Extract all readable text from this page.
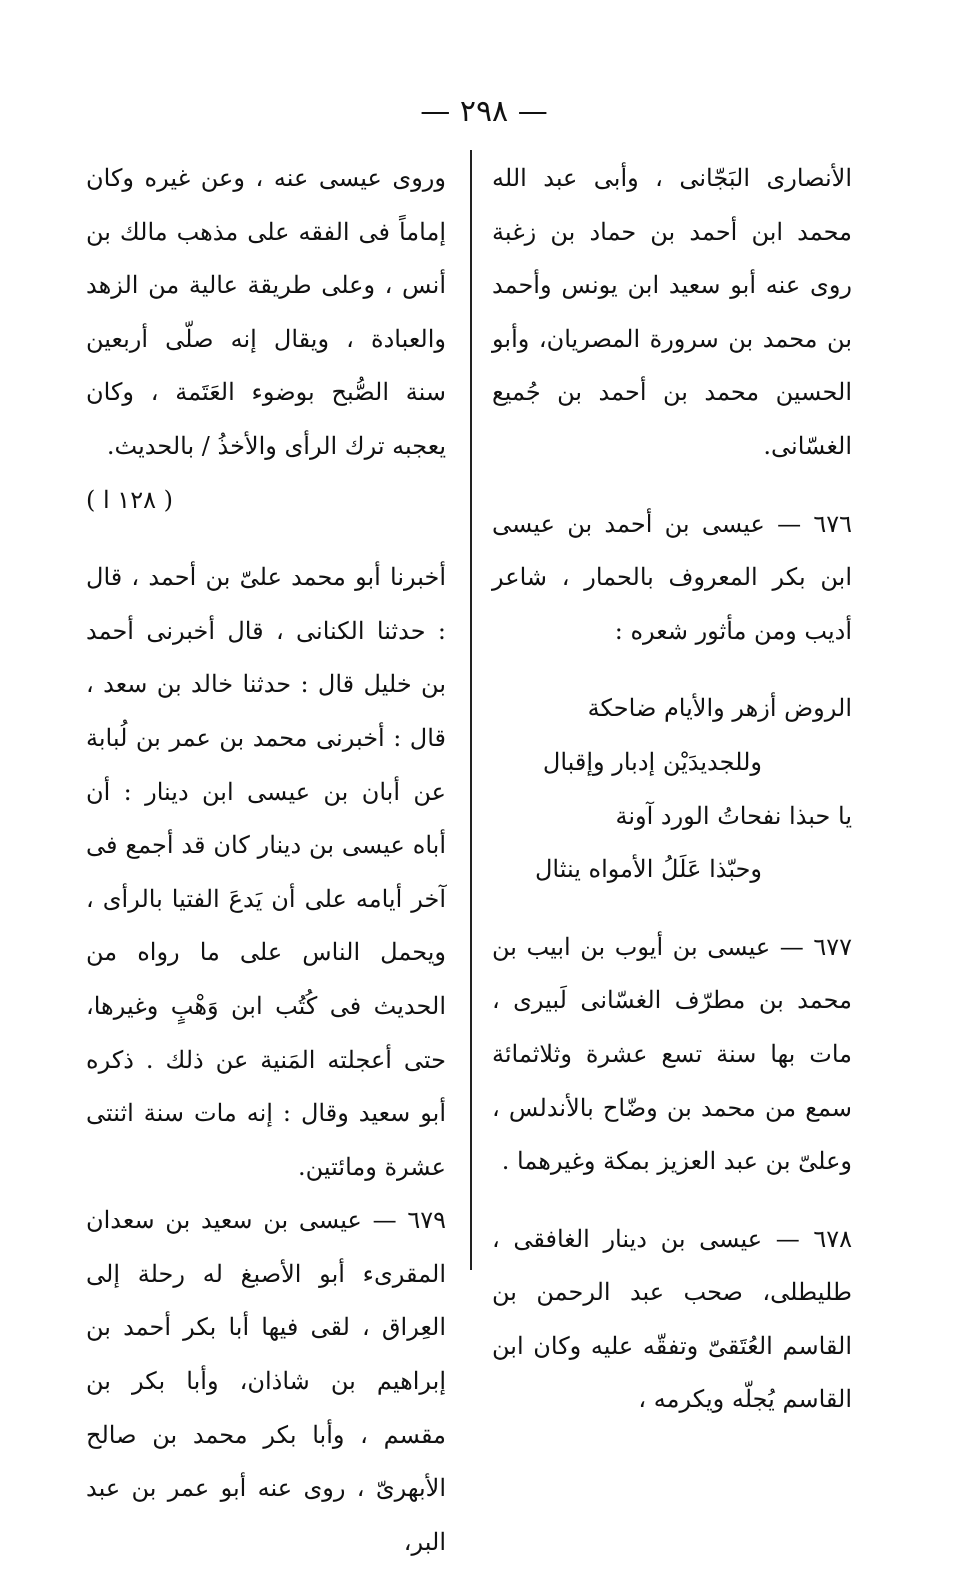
— ٢٩٨ —

الأنصارى البَجّانى ، وأبى عبد الله محمد ابن أحمد بن حماد بن زغبة روى عنه أبو سعيد ابن يونس وأحمد بن محمد بن سرورة المصريان، وأبو الحسين محمد بن أحمد بن جُميع الغسّانى.

٦٧٦ — عيسى بن أحمد بن عيسى ابن بكر المعروف بالحمار ، شاعر أديب ومن مأثور شعره :

الروض أزهر والأيام ضاحكة

وللجديدَيْن إدبار وإقبال

يا حبذا نفحاتُ الورد آونة

وحبّذا عَلَلُ الأمواه ينثال

٦٧٧ — عيسى بن أيوب بن ابيب بن محمد بن مطرّف الغسّانى لَبيرى ، مات بها سنة تسع عشرة وثلاثمائة سمع من محمد بن وضّاح بالأندلس ، وعلىّ بن عبد العزيز بمكة وغيرهما .

٦٧٨ — عيسى بن دينار الغافقى ، طليطلى، صحب عبد الرحمن بن القاسم العُتَقىّ وتفقّه عليه وكان ابن القاسم يُجلّه ويكرمه ،

وروى عيسى عنه ، وعن غيره وكان إماماً فى الفقه على مذهب مالك بن أنس ، وعلى طريقة عالية من الزهد والعبادة ، ويقال إنه صلّى أربعين سنة الصُّبح بوضوء العَتَمة ، وكان يعجبه ترك الرأى والأخذُ / بالحديث.

( ١٢٨ ا )

أخبرنا أبو محمد علىّ بن أحمد ، قال : حدثنا الكنانى ، قال أخبرنى أحمد بن خليل قال : حدثنا خالد بن سعد ، قال : أخبرنى محمد بن عمر بن لُبابة عن أبان بن عيسى ابن دينار : أن أباه عيسى بن دينار كان قد أجمع فى آخر أيامه على أن يَدعَ الفتيا بالرأى ، ويحمل الناس على ما رواه من الحديث فى كُتُب ابن وَهْبٍ وغيرها، حتى أعجلته المَنية عن ذلك . ذكره أبو سعيد وقال : إنه مات سنة اثنتى عشرة ومائتين.

٦٧٩ — عيسى بن سعيد بن سعدان المقرىء أبو الأصبغ له رحلة إلى العِراق ، لقى فيها أبا بكر أحمد بن إبراهيم بن شاذان، وأبا بكر بن مقسم ، وأبا بكر محمد بن صالح الأبهرىّ ، روى عنه أبو عمر بن عبد البر،
